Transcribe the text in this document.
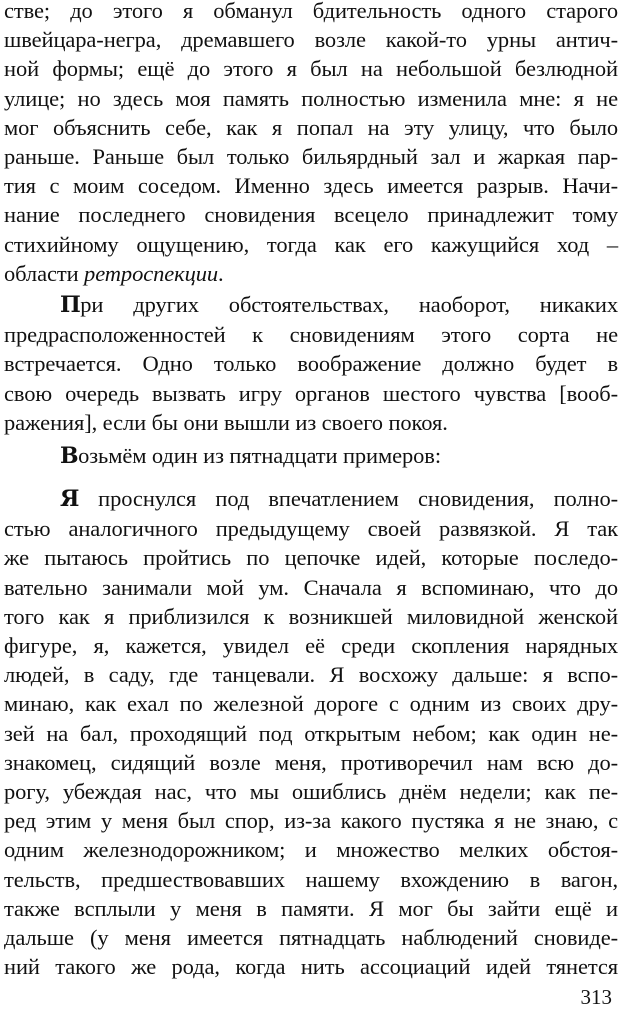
стве; до этого я обманул бдительность одного старого
швейцара-негра, дремавшего возле какой-то урны антич-
ной формы; ещё до этого я был на небольшой безлюдной
улице; но здесь моя память полностью изменила мне: я не
мог объяснить себе, как я попал на эту улицу, что было
раньше. Раньше был только бильярдный зал и жаркая пар-
тия с моим соседом. Именно здесь имеется разрыв. Начи-
нание последнего сновидения всецело принадлежит тому
стихийному ощущению, тогда как его кажущийся ход –
области ретроспекции.
При других обстоятельствах, наоборот, никаких
предрасположенностей к сновидениям этого сорта не
встречается. Одно только воображение должно будет в
свою очередь вызвать игру органов шестого чувства [вооб-
ражения], если бы они вышли из своего покоя.
Возьмём один из пятнадцати примеров:
Я проснулся под впечатлением сновидения, полно-
стью аналогичного предыдущему своей развязкой. Я так
же пытаюсь пройтись по цепочке идей, которые последо-
вательно занимали мой ум. Сначала я вспоминаю, что до
того как я приблизился к возникшей миловидной женской
фигуре, я, кажется, увидел её среди скопления нарядных
людей, в саду, где танцевали. Я восхожу дальше: я вспо-
минаю, как ехал по железной дороге с одним из своих дру-
зей на бал, проходящий под открытым небом; как один не-
знакомец, сидящий возле меня, противоречил нам всю до-
рогу, убеждая нас, что мы ошиблись днём недели; как пе-
ред этим у меня был спор, из-за какого пустяка я не знаю, с
одним железнодорожником; и множество мелких обстоя-
тельств, предшествовавших нашему вхождению в вагон,
также всплыли у меня в памяти. Я мог бы зайти ещё и
дальше (у меня имеется пятнадцать наблюдений сновиде-
ний такого же рода, когда нить ассоциаций идей тянется
313
